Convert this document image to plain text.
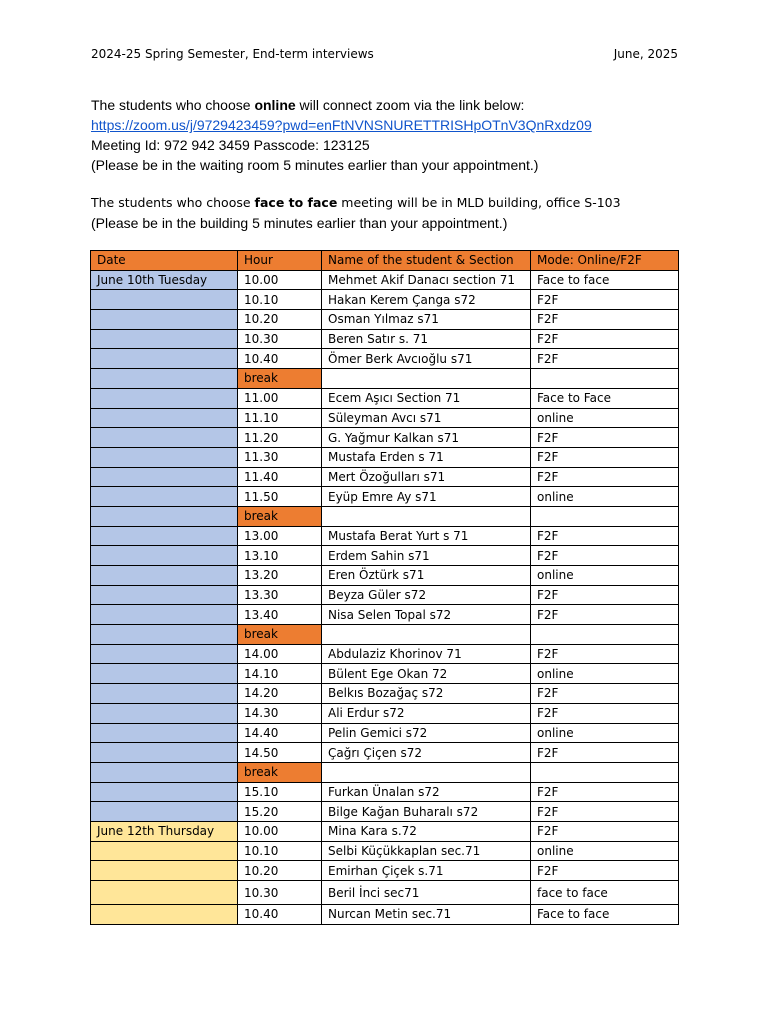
2024-25 Spring Semester, End-term interviews	June, 2025
The students who choose online will connect zoom via the link below:
https://zoom.us/j/9729423459?pwd=enFtNVNSNURETTRISHpOTnV3QnRxdz09
Meeting Id: 972 942 3459 Passcode: 123125
(Please be in the waiting room 5 minutes earlier than your appointment.)
The students who choose face to face meeting will be in MLD building, office S-103
(Please be in the building 5 minutes earlier than your appointment.)
Date	Hour	Name of the student & Section	Mode: Online/F2F
June 10th Tuesday	10.00	Mehmet Akif Danacı section 71	Face to face
	10.10	Hakan Kerem Çanga s72	F2F
	10.20	Osman Yılmaz s71	F2F
	10.30	Beren Satır s. 71	F2F
	10.40	Ömer Berk Avcıoğlu s71	F2F
	break		
	11.00	Ecem Aşıcı Section 71	Face to Face
	11.10	Süleyman Avcı s71	online
	11.20	G. Yağmur Kalkan s71	F2F
	11.30	Mustafa Erden s 71	F2F
	11.40	Mert Özoğulları s71	F2F
	11.50	Eyüp Emre Ay s71	online
	break		
	13.00	Mustafa Berat Yurt s 71	F2F
	13.10	Erdem Sahin s71	F2F
	13.20	Eren Öztürk s71	online
	13.30	Beyza Güler s72	F2F
	13.40	Nisa Selen Topal s72	F2F
	break		
	14.00	Abdulaziz Khorinov 71	F2F
	14.10	Bülent Ege Okan 72	online
	14.20	Belkıs Bozağaç s72	F2F
	14.30	Ali Erdur s72	F2F
	14.40	Pelin Gemici s72	online
	14.50	Çağrı Çiçen s72	F2F
	break		
	15.10	Furkan Ünalan s72	F2F
	15.20	Bilge Kağan Buharalı s72	F2F
June 12th Thursday	10.00	Mina Kara s.72	F2F
	10.10	Selbi Küçükkaplan sec.71	online
	10.20	Emirhan Çiçek s.71	F2F
	10.30	Beril İnci sec71	face to face
	10.40	Nurcan Metin sec.71	Face to face
